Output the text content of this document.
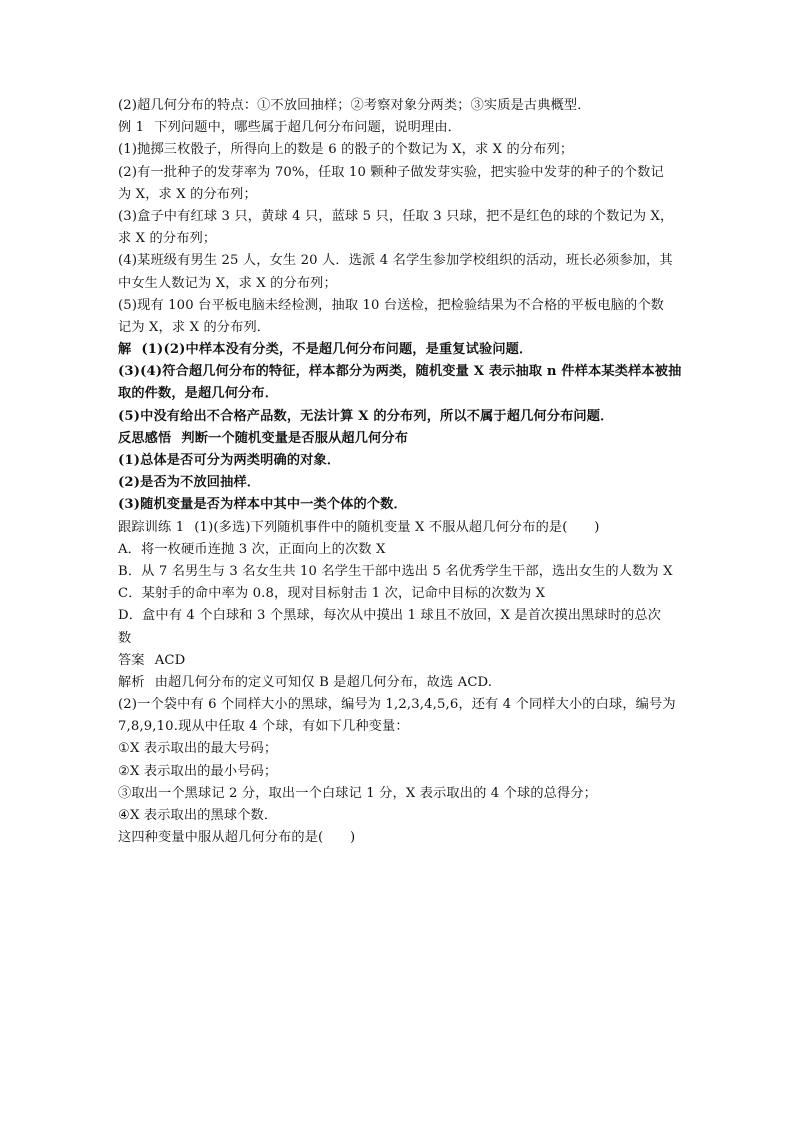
(2)超几何分布的特点：①不放回抽样；②考察对象分两类；③实质是古典概型．
例 1 下列问题中，哪些属于超几何分布问题，说明理由．
(1)抛掷三枚骰子，所得向上的数是 6 的骰子的个数记为 X，求 X 的分布列；
(2)有一批种子的发芽率为 70%，任取 10 颗种子做发芽实验，把实验中发芽的种子的个数记
为 X，求 X 的分布列；
(3)盒子中有红球 3 只，黄球 4 只，蓝球 5 只，任取 3 只球，把不是红色的球的个数记为 X，
求 X 的分布列；
(4)某班级有男生 25 人，女生 20 人．选派 4 名学生参加学校组织的活动，班长必须参加，其
中女生人数记为 X，求 X 的分布列；
(5)现有 100 台平板电脑未经检测，抽取 10 台送检，把检验结果为不合格的平板电脑的个数
记为 X，求 X 的分布列．
解 (1)(2)中样本没有分类，不是超几何分布问题，是重复试验问题．
(3)(4)符合超几何分布的特征，样本都分为两类，随机变量 X 表示抽取 n 件样本某类样本被抽
取的件数，是超几何分布．
(5)中没有给出不合格产品数，无法计算 X 的分布列，所以不属于超几何分布问题．
反思感悟 判断一个随机变量是否服从超几何分布
(1)总体是否可分为两类明确的对象．
(2)是否为不放回抽样．
(3)随机变量是否为样本中其中一类个体的个数．
跟踪训练 1 (1)(多选)下列随机事件中的随机变量 X 不服从超几何分布的是(　　)
A．将一枚硬币连抛 3 次，正面向上的次数 X
B．从 7 名男生与 3 名女生共 10 名学生干部中选出 5 名优秀学生干部，选出女生的人数为 X
C．某射手的命中率为 0.8，现对目标射击 1 次，记命中目标的次数为 X
D．盒中有 4 个白球和 3 个黑球，每次从中摸出 1 球且不放回，X 是首次摸出黑球时的总次
数
答案 ACD
解析 由超几何分布的定义可知仅 B 是超几何分布，故选 ACD.
(2)一个袋中有 6 个同样大小的黑球，编号为 1,2,3,4,5,6，还有 4 个同样大小的白球，编号为
7,8,9,10.现从中任取 4 个球，有如下几种变量：
①X 表示取出的最大号码；
②X 表示取出的最小号码；
③取出一个黑球记 2 分，取出一个白球记 1 分，X 表示取出的 4 个球的总得分；
④X 表示取出的黑球个数．
这四种变量中服从超几何分布的是(　　)
